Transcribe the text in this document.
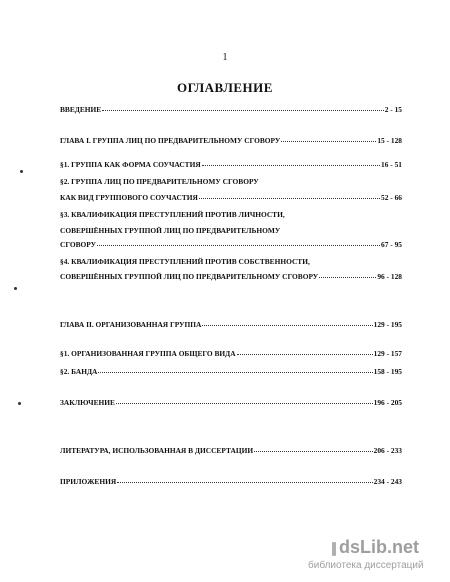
1
ОГЛАВЛЕНИЕ
ВВЕДЕНИЕ	2 - 15
ГЛАВА I. ГРУППА ЛИЦ ПО ПРЕДВАРИТЕЛЬНОМУ СГОВОРУ	15 - 128
§1. ГРУППА КАК ФОРМА СОУЧАСТИЯ	16 - 51
§2. ГРУППА ЛИЦ ПО ПРЕДВАРИТЕЛЬНОМУ СГОВОРУ
КАК ВИД ГРУППОВОГО СОУЧАСТИЯ	52 - 66
§3. КВАЛИФИКАЦИЯ ПРЕСТУПЛЕНИЙ ПРОТИВ ЛИЧНОСТИ,
СОВЕРШЁННЫХ ГРУППОЙ ЛИЦ ПО ПРЕДВАРИТЕЛЬНОМУ
СГОВОРУ	67 - 95
§4. КВАЛИФИКАЦИЯ ПРЕСТУПЛЕНИЙ ПРОТИВ СОБСТВЕННОСТИ,
СОВЕРШЁННЫХ ГРУППОЙ ЛИЦ ПО ПРЕДВАРИТЕЛЬНОМУ СГОВОРУ	96 - 128
ГЛАВА II. ОРГАНИЗОВАННАЯ ГРУППА	129 - 195
§1. ОРГАНИЗОВАННАЯ ГРУППА ОБЩЕГО ВИДА	129 - 157
§2. БАНДА	158 - 195
ЗАКЛЮЧЕНИЕ	196 - 205
ЛИТЕРАТУРА, ИСПОЛЬЗОВАННАЯ В ДИССЕРТАЦИИ	206 - 233
ПРИЛОЖЕНИЯ	234 - 243
dsLib.net
библиотека диссертаций
